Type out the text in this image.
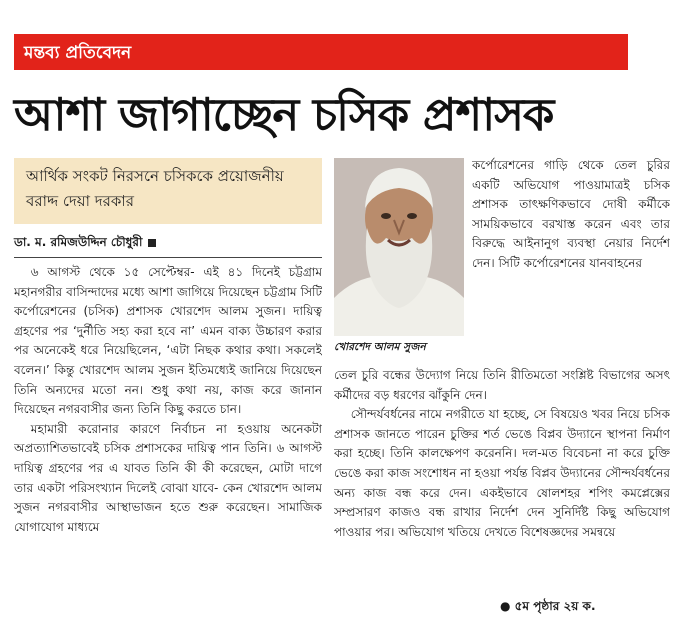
মন্তব্য প্রতিবেদন
আশা জাগাচ্ছেন চসিক প্রশাসক
আর্থিক সংকট নিরসনে চসিককে প্রয়োজনীয় বরাদ্দ দেয়া দরকার
ডা. ম. রমিজউদ্দিন চৌধুরী

৬ আগস্ট থেকে ১৫ সেপ্টেম্বর- এই ৪১ দিনেই চট্টগ্রাম মহানগরীর বাসিন্দাদের মধ্যে আশা জাগিয়ে দিয়েছেন চট্টগ্রাম সিটি কর্পোরেশনের (চসিক) প্রশাসক খোরশেদ আলম সুজন। দায়িত্ব গ্রহণের পর ‘দুর্নীতি সহ্য করা হবে না’ এমন বাক্য উচ্চারণ করার পর অনেকেই ধরে নিয়েছিলেন, ‘এটা নিছক কথার কথা। সকলেই বলেন।’ কিন্তু খোরশেদ আলম সুজন ইতিমধ্যেই জানিয়ে দিয়েছেন তিনি অন্যদের মতো নন। শুধু কথা নয়, কাজ করে জানান দিয়েছেন নগরবাসীর জন্য তিনি কিছু করতে চান।

মহামারী করোনার কারণে নির্বাচন না হওয়ায় অনেকটা অপ্রত্যাশিতভাবেই চসিক প্রশাসকের দায়িত্ব পান তিনি। ৬ আগস্ট দায়িত্ব গ্রহণের পর এ যাবত তিনি কী কী করেছেন, মোটা দাগে তার একটা পরিসংখ্যান দিলেই বোঝা যাবে- কেন খোরশেদ আলম সুজন নগরবাসীর আস্থাভাজন হতে শুরু করেছেন। সামাজিক যোগাযোগ মাধ্যমে

খোরশেদ আলম সুজন
কর্পোরেশনের গাড়ি থেকে তেল চুরির একটি অভিযোগ পাওয়ামাত্রই চসিক প্রশাসক তাৎক্ষণিকভাবে দোষী কর্মীকে সাময়িকভাবে বরখাস্ত করেন এবং তার বিরুদ্ধে আইনানুগ ব্যবস্থা নেয়ার নির্দেশ দেন। সিটি কর্পোরেশনের যানবাহনের

তেল চুরি বন্ধের উদ্যোগ নিয়ে তিনি রীতিমতো সংশ্লিষ্ট বিভাগের অসৎ কর্মীদের বড় ধরণের ঝাঁকুনি দেন।

সৌন্দর্যবর্ধনের নামে নগরীতে যা হচ্ছে, সে বিষয়েও খবর নিয়ে চসিক প্রশাসক জানতে পারেন চুক্তির শর্ত ভেঙে বিপ্লব উদ্যানে স্থাপনা নির্মাণ করা হচ্ছে। তিনি কালক্ষেপণ করেননি। দল-মত বিবেচনা না করে চুক্তি ভেঙে করা কাজ সংশোধন না হওয়া পর্যন্ত বিপ্লব উদ্যানের সৌন্দর্যবর্ধনের অন্য কাজ বন্ধ করে দেন। একইভাবে ষোলশহর শপিং কমপ্লেক্সের সম্প্রসারণ কাজও বন্ধ রাখার নির্দেশ দেন সুনির্দিষ্ট কিছু অভিযোগ পাওয়ার পর। অভিযোগ খতিয়ে দেখতে বিশেষজ্ঞদের সমন্বয়ে

● ৫ম পৃষ্ঠার ২য় ক.
